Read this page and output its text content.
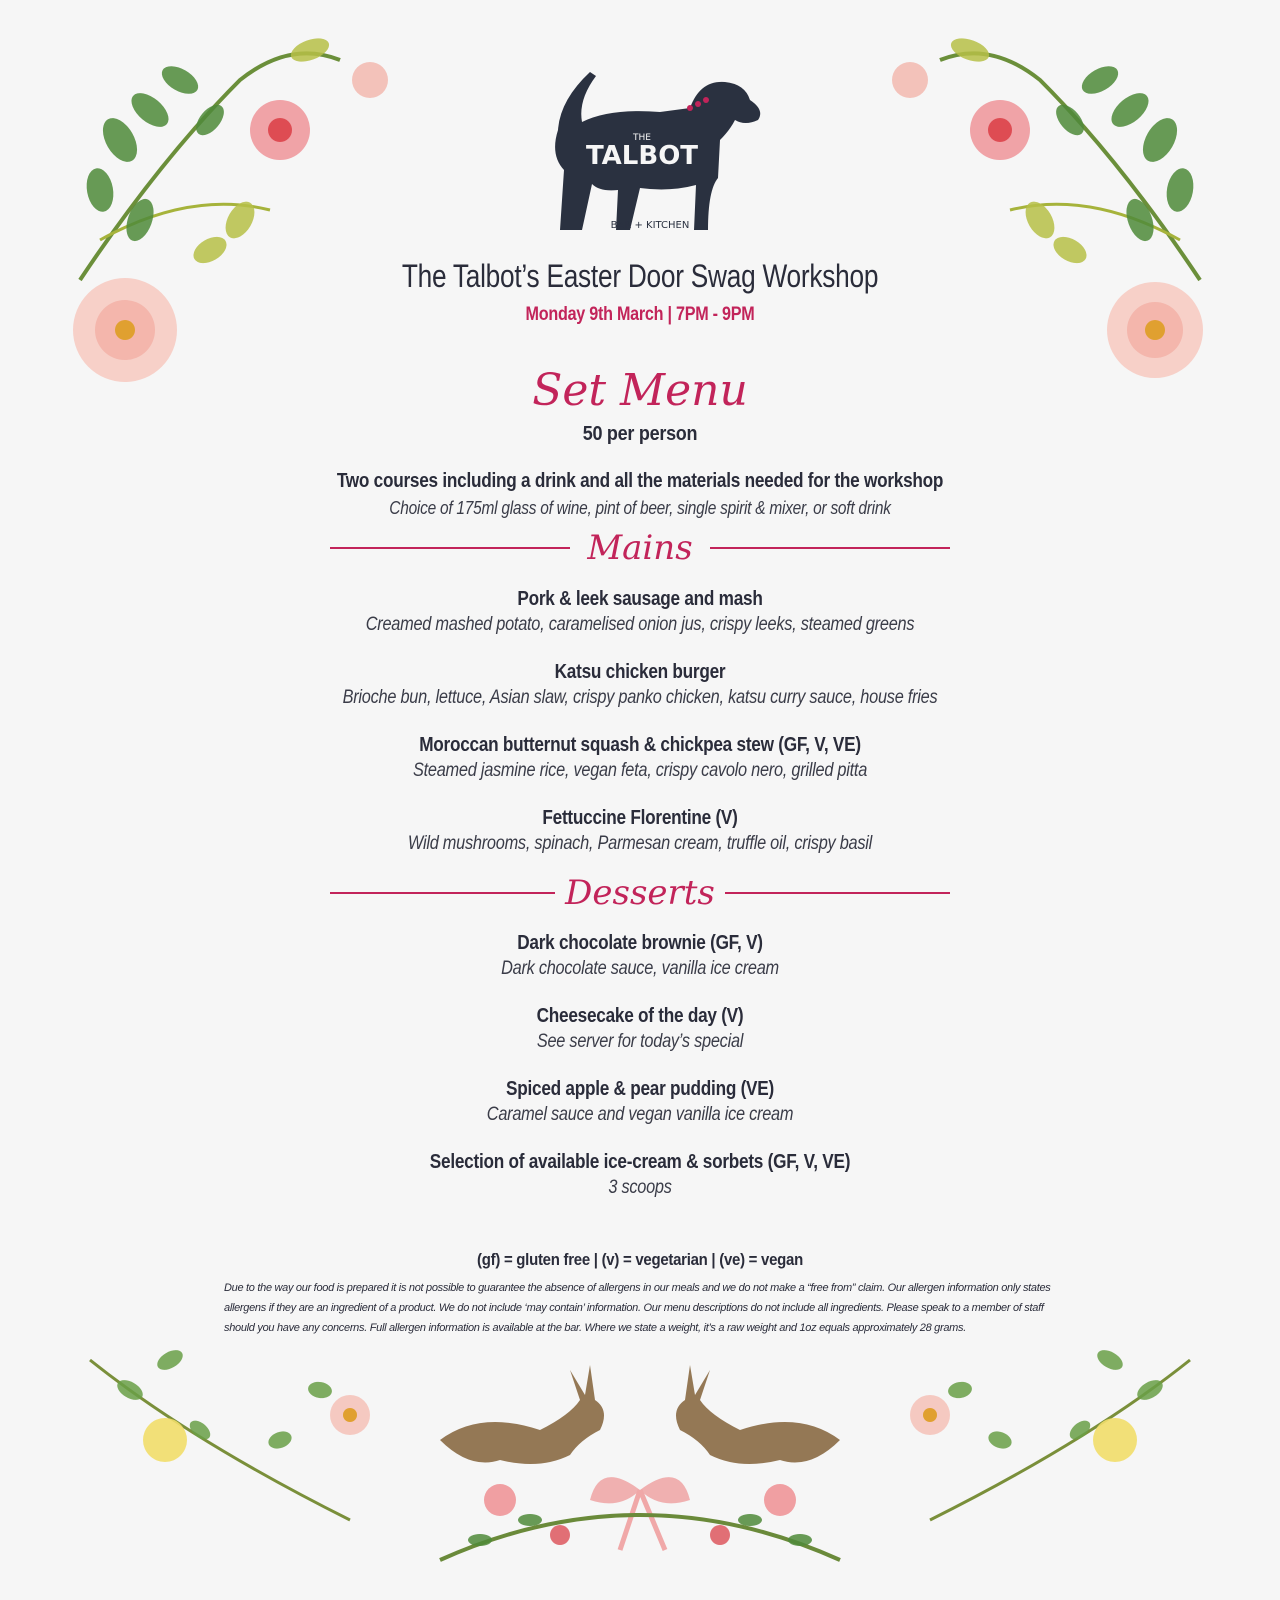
THE
TALBOT
BAR + KITCHEN
The Talbot’s Easter Door Swag Workshop
Monday 9th March | 7PM - 9PM
Set Menu
50 per person
Two courses including a drink and all the materials needed for the workshop
Choice of 175ml glass of wine, pint of beer, single spirit & mixer, or soft drink
Mains
Pork & leek sausage and mash
Creamed mashed potato, caramelised onion jus, crispy leeks, steamed greens
Katsu chicken burger
Brioche bun, lettuce, Asian slaw, crispy panko chicken, katsu curry sauce, house fries
Moroccan butternut squash & chickpea stew (GF, V, VE)
Steamed jasmine rice, vegan feta, crispy cavolo nero, grilled pitta
Fettuccine Florentine (V)
Wild mushrooms, spinach, Parmesan cream, truffle oil, crispy basil
Desserts
Dark chocolate brownie (GF, V)
Dark chocolate sauce, vanilla ice cream
Cheesecake of the day (V)
See server for today’s special
Spiced apple & pear pudding (VE)
Caramel sauce and vegan vanilla ice cream
Selection of available ice-cream & sorbets (GF, V, VE)
3 scoops
(gf) = gluten free | (v) = vegetarian | (ve) = vegan
Due to the way our food is prepared it is not possible to guarantee the absence of allergens in our meals and we do not make a “free from” claim. Our allergen information only states allergens if they are an ingredient of a product. We do not include ‘may contain’ information. Our menu descriptions do not include all ingredients. Please speak to a member of staff should you have any concerns. Full allergen information is available at the bar. Where we state a weight, it’s a raw weight and 1oz equals approximately 28 grams.
